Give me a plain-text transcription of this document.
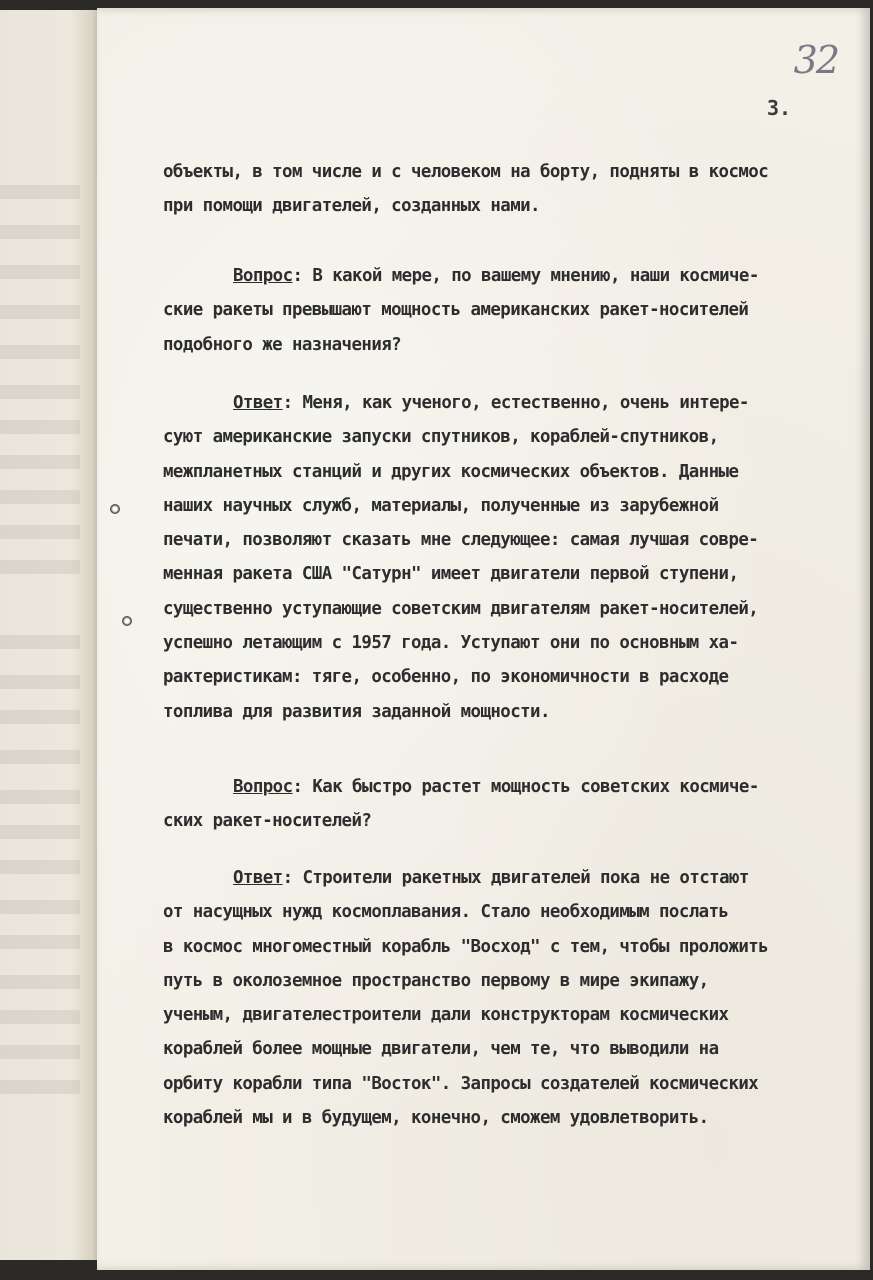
32
3.
объекты, в том числе и с человеком на борту, подняты в космос
при помощи двигателей, созданных нами.
Вопрос: В какой мере, по вашему мнению, наши космиче-
ские ракеты превышают мощность американских ракет-носителей
подобного же назначения?
Ответ: Меня, как ученого, естественно, очень интере-
суют американские запуски спутников, кораблей-спутников,
межпланетных станций и других космических объектов. Данные
наших научных служб, материалы, полученные из зарубежной
печати, позволяют сказать мне следующее: самая лучшая совре-
менная ракета США "Сатурн" имеет двигатели первой ступени,
существенно уступающие советским двигателям ракет-носителей,
успешно летающим с 1957 года. Уступают они по основным ха-
рактеристикам: тяге, особенно, по экономичности в расходе
топлива для развития заданной мощности.
Вопрос: Как быстро растет мощность советских космиче-
ских ракет-носителей?
Ответ: Строители ракетных двигателей пока не отстают
от насущных нужд космоплавания. Стало необходимым послать
в космос многоместный корабль "Восход" с тем, чтобы проложить
путь в околоземное пространство первому в мире экипажу,
ученым, двигателестроители дали конструкторам космических
кораблей более мощные двигатели, чем те, что выводили на
орбиту корабли типа "Восток". Запросы создателей космических
кораблей мы и в будущем, конечно, сможем удовлетворить.
